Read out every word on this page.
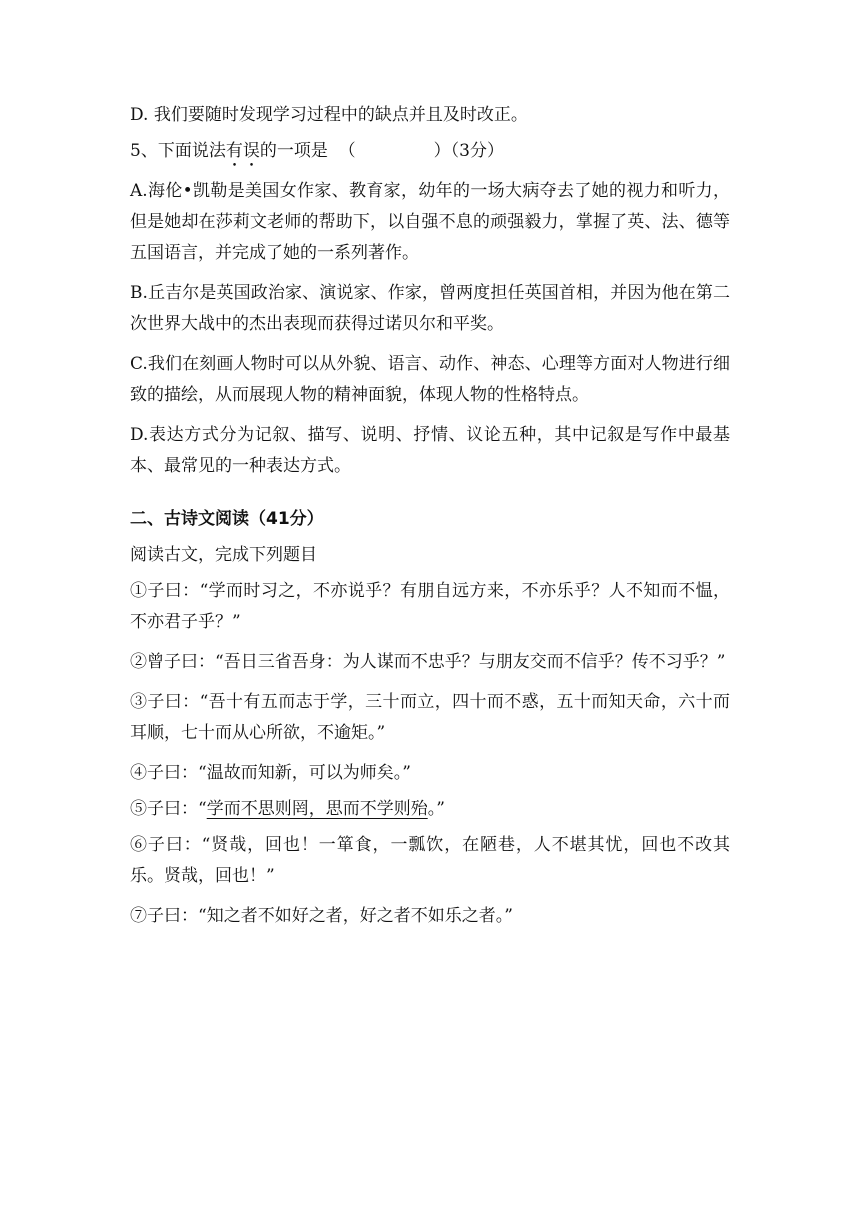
D. 我们要随时发现学习过程中的缺点并且及时改正。

5、下面说法有误的一项是 （	）（3分）

A.海伦•凯勒是美国女作家、教育家，幼年的一场大病夺去了她的视力和听力，但是她却在莎莉文老师的帮助下，以自强不息的顽强毅力，掌握了英、法、德等五国语言，并完成了她的一系列著作。

B.丘吉尔是英国政治家、演说家、作家，曾两度担任英国首相，并因为他在第二次世界大战中的杰出表现而获得过诺贝尔和平奖。

C.我们在刻画人物时可以从外貌、语言、动作、神态、心理等方面对人物进行细致的描绘，从而展现人物的精神面貌，体现人物的性格特点。

D.表达方式分为记叙、描写、说明、抒情、议论五种，其中记叙是写作中最基本、最常见的一种表达方式。

二、古诗文阅读（41分）

阅读古文，完成下列题目

①子曰：“学而时习之，不亦说乎？有朋自远方来，不亦乐乎？人不知而不愠，不亦君子乎？”

②曾子曰：“吾日三省吾身：为人谋而不忠乎？与朋友交而不信乎？传不习乎？”

③子曰：“吾十有五而志于学，三十而立，四十而不惑，五十而知天命，六十而耳顺，七十而从心所欲，不逾矩。”

④子曰：“温故而知新，可以为师矣。”

⑤子曰：“学而不思则罔，思而不学则殆。”

⑥子曰：“贤哉，回也！一箪食，一瓢饮，在陋巷，人不堪其忧，回也不改其乐。贤哉，回也！”

⑦子曰：“知之者不如好之者，好之者不如乐之者。”
